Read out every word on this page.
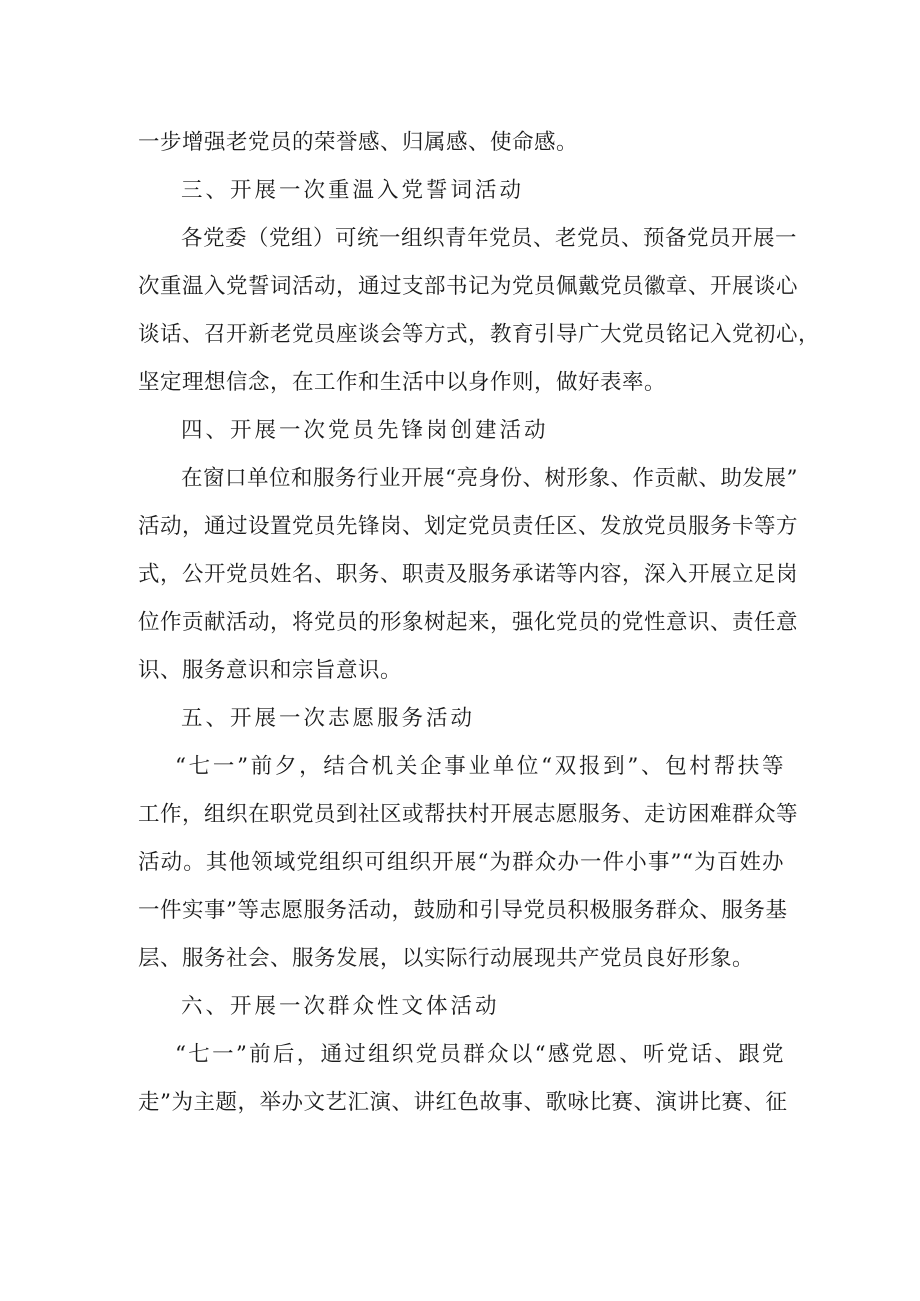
一步增强老党员的荣誉感、归属感、使命感。
三、开展一次重温入党誓词活动
各党委（党组）可统一组织青年党员、老党员、预备党员开展一
次重温入党誓词活动，通过支部书记为党员佩戴党员徽章、开展谈心
谈话、召开新老党员座谈会等方式，教育引导广大党员铭记入党初心，
坚定理想信念，在工作和生活中以身作则，做好表率。
四、开展一次党员先锋岗创建活动
在窗口单位和服务行业开展“亮身份、树形象、作贡献、助发展”
活动，通过设置党员先锋岗、划定党员责任区、发放党员服务卡等方
式，公开党员姓名、职务、职责及服务承诺等内容，深入开展立足岗
位作贡献活动，将党员的形象树起来，强化党员的党性意识、责任意
识、服务意识和宗旨意识。
五、开展一次志愿服务活动
“七一”前夕，结合机关企事业单位“双报到”、包村帮扶等
工作，组织在职党员到社区或帮扶村开展志愿服务、走访困难群众等
活动。其他领域党组织可组织开展“为群众办一件小事”“为百姓办
一件实事”等志愿服务活动，鼓励和引导党员积极服务群众、服务基
层、服务社会、服务发展，以实际行动展现共产党员良好形象。
六、开展一次群众性文体活动
“七一”前后，通过组织党员群众以“感党恩、听党话、跟党
走”为主题，举办文艺汇演、讲红色故事、歌咏比赛、演讲比赛、征
